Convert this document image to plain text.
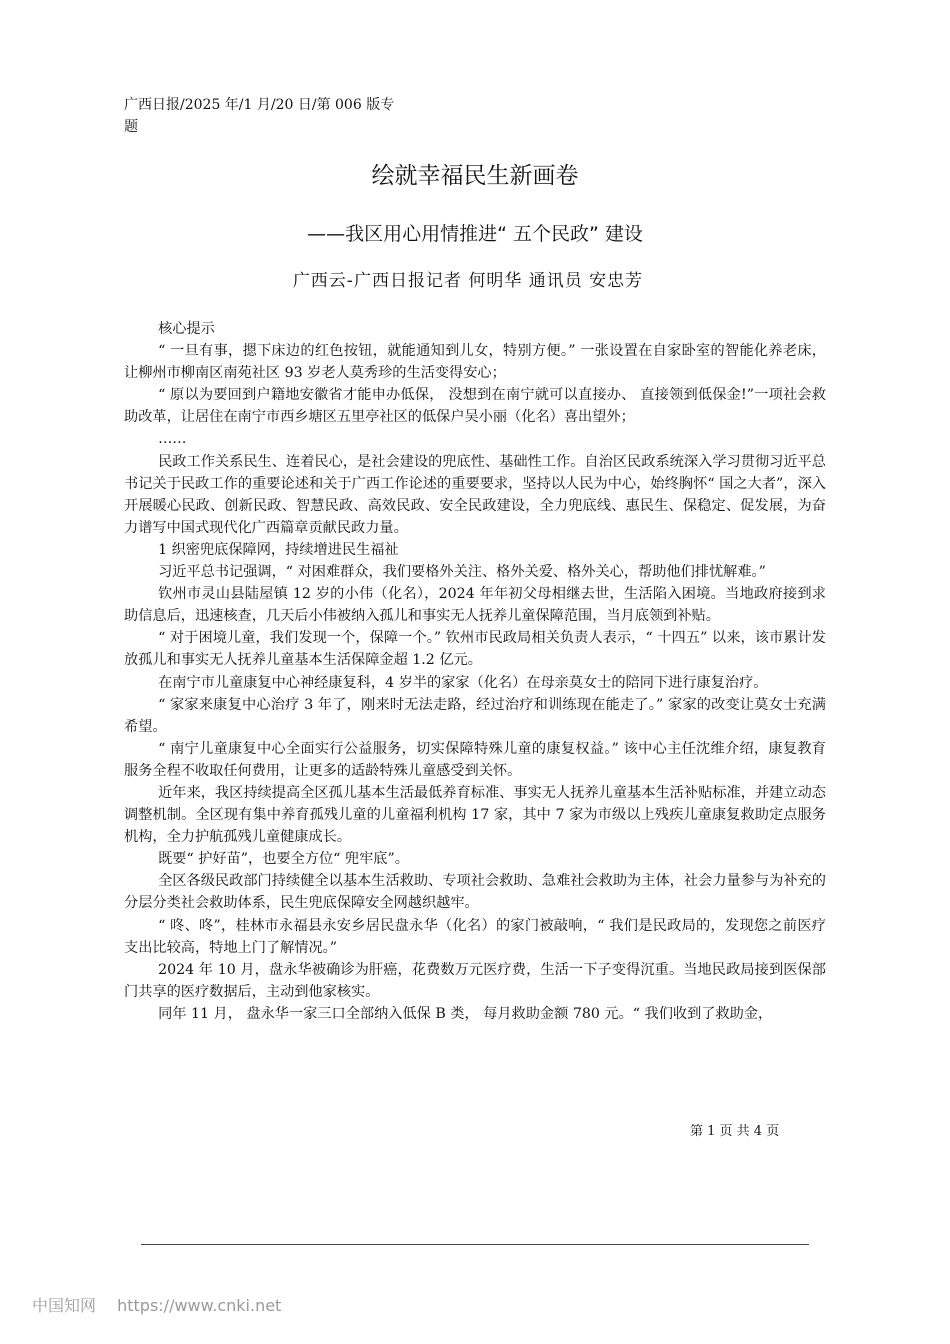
广西日报/2025 年/1 月/20 日/第 006 版专题
绘就幸福民生新画卷
——我区用心用情推进“ 五个民政” 建设
广西云-广西日报记者 何明华 通讯员 安忠芳

核心提示

“ 一旦有事，摁下床边的红色按钮，就能通知到儿女，特别方便。” 一张设置在自家卧室的智能化养老床，让柳州市柳南区南苑社区 93 岁老人莫秀珍的生活变得安心；

“ 原以为要回到户籍地安徽省才能申办低保， 没想到在南宁就可以直接办、 直接领到低保金!”一项社会救助改革，让居住在南宁市西乡塘区五里亭社区的低保户吴小丽（化名）喜出望外；

……

民政工作关系民生、连着民心，是社会建设的兜底性、基础性工作。自治区民政系统深入学习贯彻习近平总书记关于民政工作的重要论述和关于广西工作论述的重要要求，坚持以人民为中心，始终胸怀“ 国之大者”，深入开展暖心民政、创新民政、智慧民政、高效民政、安全民政建设，全力兜底线、惠民生、保稳定、促发展，为奋力谱写中国式现代化广西篇章贡献民政力量。

1 织密兜底保障网，持续增进民生福祉

习近平总书记强调，“ 对困难群众，我们要格外关注、格外关爱、格外关心，帮助他们排忧解难。”

钦州市灵山县陆屋镇 12 岁的小伟（化名），2024 年年初父母相继去世，生活陷入困境。当地政府接到求助信息后，迅速核查，几天后小伟被纳入孤儿和事实无人抚养儿童保障范围，当月底领到补贴。

“ 对于困境儿童，我们发现一个，保障一个。” 钦州市民政局相关负责人表示，“ 十四五” 以来，该市累计发放孤儿和事实无人抚养儿童基本生活保障金超 1.2 亿元。

在南宁市儿童康复中心神经康复科，4 岁半的家家（化名）在母亲莫女士的陪同下进行康复治疗。

“ 家家来康复中心治疗 3 年了，刚来时无法走路，经过治疗和训练现在能走了。” 家家的改变让莫女士充满希望。

“ 南宁儿童康复中心全面实行公益服务，切实保障特殊儿童的康复权益。” 该中心主任沈维介绍，康复教育服务全程不收取任何费用，让更多的适龄特殊儿童感受到关怀。

近年来，我区持续提高全区孤儿基本生活最低养育标准、事实无人抚养儿童基本生活补贴标准，并建立动态调整机制。全区现有集中养育孤残儿童的儿童福利机构 17 家，其中 7 家为市级以上残疾儿童康复救助定点服务机构，全力护航孤残儿童健康成长。

既要“ 护好苗”，也要全方位“ 兜牢底”。

全区各级民政部门持续健全以基本生活救助、专项社会救助、急难社会救助为主体，社会力量参与为补充的分层分类社会救助体系，民生兜底保障安全网越织越牢。

“ 咚、咚”，桂林市永福县永安乡居民盘永华（化名）的家门被敲响，“ 我们是民政局的，发现您之前医疗支出比较高，特地上门了解情况。”

2024 年 10 月，盘永华被确诊为肝癌，花费数万元医疗费，生活一下子变得沉重。当地民政局接到医保部门共享的医疗数据后，主动到他家核实。

同年 11 月， 盘永华一家三口全部纳入低保 B 类， 每月救助金额 780 元。“ 我们收到了救助金，

第 1 页 共 4 页
中国知网 https://www.cnki.net
